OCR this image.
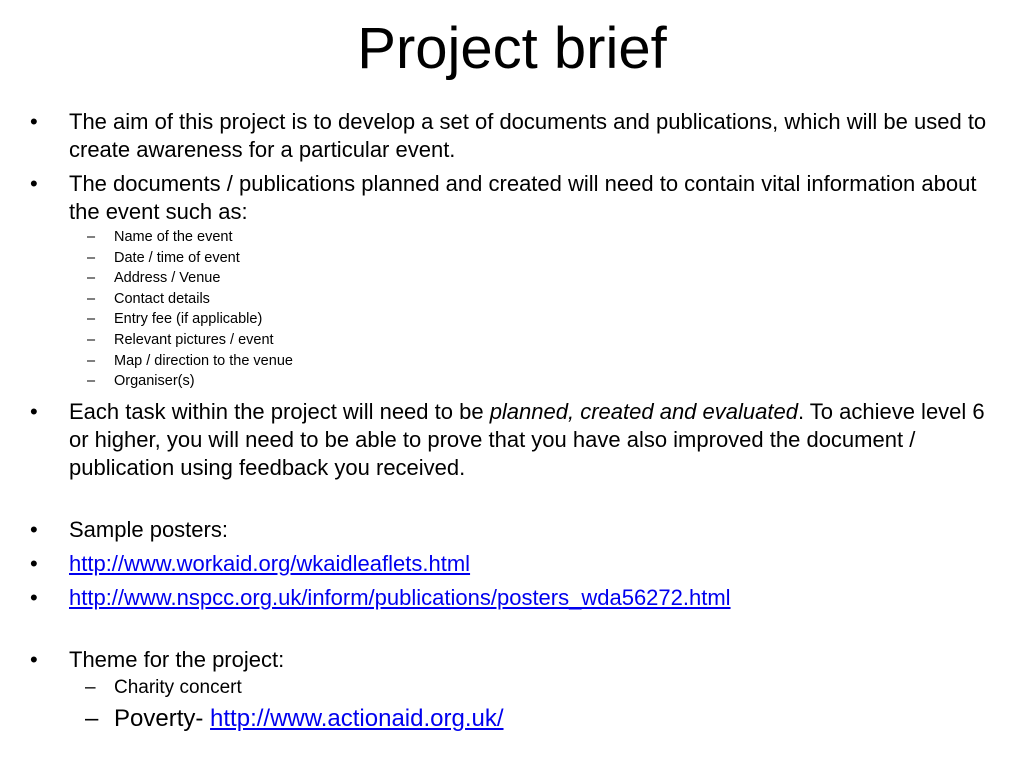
Project brief
• The aim of this project is to develop a set of documents and publications, which will be used to create awareness for a particular event.
• The documents / publications planned and created will need to contain vital information about the event such as:
– Name of the event
– Date / time of event
– Address / Venue
– Contact details
– Entry fee (if applicable)
– Relevant pictures / event
– Map / direction to the venue
– Organiser(s)
• Each task within the project will need to be planned, created and evaluated. To achieve level 6 or higher, you will need to be able to prove that you have also improved the document / publication using feedback you received.
• Sample posters:
• http://www.workaid.org/wkaidleaflets.html
• http://www.nspcc.org.uk/inform/publications/posters_wda56272.html
• Theme for the project:
– Charity concert
– Poverty- http://www.actionaid.org.uk/
